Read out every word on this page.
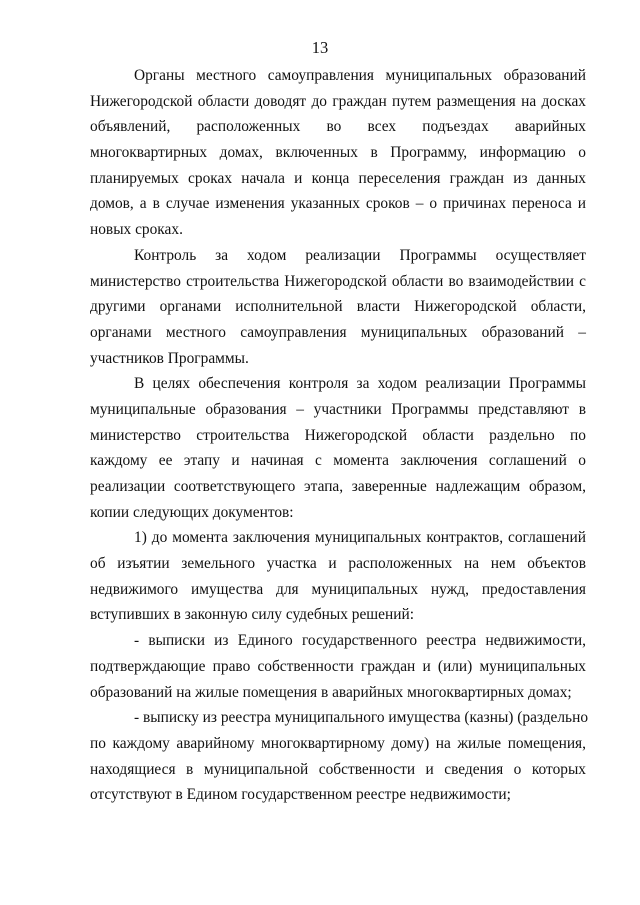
13
Органы местного самоуправления муниципальных образований
Нижегородской области доводят до граждан путем размещения на досках
объявлений, расположенных во всех подъездах аварийных
многоквартирных домах, включенных в Программу, информацию о
планируемых сроках начала и конца переселения граждан из данных
домов, а в случае изменения указанных сроков – о причинах переноса и
новых сроках.
Контроль за ходом реализации Программы осуществляет
министерство строительства Нижегородской области во взаимодействии с
другими органами исполнительной власти Нижегородской области,
органами местного самоуправления муниципальных образований –
участников Программы.
В целях обеспечения контроля за ходом реализации Программы
муниципальные образования – участники Программы представляют в
министерство строительства Нижегородской области раздельно по
каждому ее этапу и начиная с момента заключения соглашений о
реализации соответствующего этапа, заверенные надлежащим образом,
копии следующих документов:
1) до момента заключения муниципальных контрактов, соглашений
об изъятии земельного участка и расположенных на нем объектов
недвижимого имущества для муниципальных нужд, предоставления
вступивших в законную силу судебных решений:
- выписки из Единого государственного реестра недвижимости,
подтверждающие право собственности граждан и (или) муниципальных
образований на жилые помещения в аварийных многоквартирных домах;
- выписку из реестра муниципального имущества (казны) (раздельно
по каждому аварийному многоквартирному дому) на жилые помещения,
находящиеся в муниципальной собственности и сведения о которых
отсутствуют в Едином государственном реестре недвижимости;
